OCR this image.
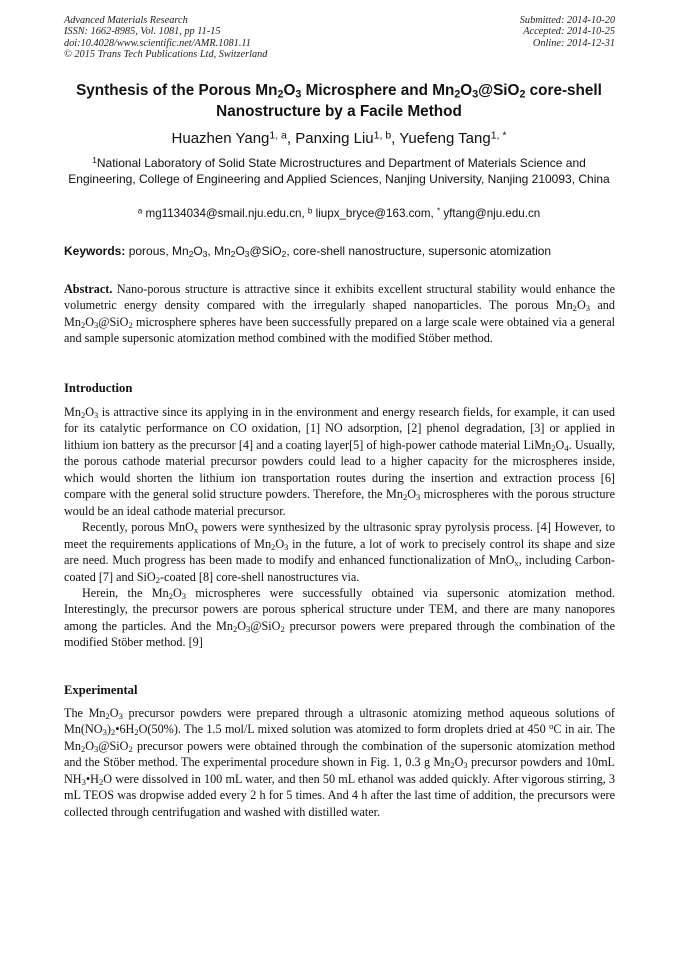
Advanced Materials Research
ISSN: 1662-8985, Vol. 1081, pp 11-15
doi:10.4028/www.scientific.net/AMR.1081.11
© 2015 Trans Tech Publications Ltd, Switzerland
Submitted: 2014-10-20
Accepted: 2014-10-25
Online: 2014-12-31
Synthesis of the Porous $Mn_2O_3$ Microsphere and $Mn_2O_3@SiO_2$ core-shell
Nanostructure by a Facile Method
Huazhen Yang$^{1, a}$, Panxing Liu$^{1, b}$, Yuefeng Tang$^{1, *}$
$^1$National Laboratory of Solid State Microstructures and Department of Materials Science and Engineering, College of Engineering and Applied Sciences, Nanjing University, Nanjing 210093, China
$^a$ mg1134034@smail.nju.edu.cn, $^b$ liupx_bryce@163.com, * yftang@nju.edu.cn
Keywords: porous, $Mn_2O_3$, $Mn_2O_3@SiO_2$, core-shell nanostructure, supersonic atomization

Abstract. Nano-porous structure is attractive since it exhibits excellent structural stability would enhance the volumetric energy density compared with the irregularly shaped nanoparticles. The porous $Mn_2O_3$ and $Mn_2O_3@SiO_2$ microsphere spheres have been successfully prepared on a large scale were obtained via a general and sample supersonic atomization method combined with the modified Stöber method.

Introduction

$Mn_2O_3$ is attractive since its applying in in the environment and energy research fields, for example, it can used for its catalytic performance on CO oxidation, [1] NO adsorption, [2] phenol degradation, [3] or applied in lithium ion battery as the precursor [4] and a coating layer[5] of high-power cathode material $LiMn_2O_4$. Usually, the porous cathode material precursor powders could lead to a higher capacity for the microspheres inside, which would shorten the lithium ion transportation routes during the insertion and extraction process [6] compare with the general solid structure powders. Therefore, the $Mn_2O_3$ microspheres with the porous structure would be an ideal cathode material precursor.

Recently, porous MnO$_x$ powers were synthesized by the ultrasonic spray pyrolysis process. [4] However, to meet the requirements applications of $Mn_2O_3$ in the future, a lot of work to precisely control its shape and size are need. Much progress has been made to modify and enhanced functionalization of MnO$_x$, including Carbon-coated [7] and SiO$_2$-coated [8] core-shell nanostructures via.

Herein, the $Mn_2O_3$ microspheres were successfully obtained via supersonic atomization method. Interestingly, the precursor powers are porous spherical structure under TEM, and there are many nanopores among the particles. And the $Mn_2O_3@SiO_2$ precursor powers were prepared through the combination of the modified Stöber method. [9]

Experimental

The $Mn_2O_3$ precursor powders were prepared through a ultrasonic atomizing method aqueous solutions of $Mn(NO_3)_2•6H_2O(50\%)$. The 1.5 mol/L mixed solution was atomized to form droplets dried at 450 $^o$C in air. The $Mn_2O_3@SiO_2$ precursor powers were obtained through the combination of the supersonic atomization method and the Stöber method. The experimental procedure shown in Fig. 1, 0.3 g $Mn_2O_3$ precursor powders and 10mL $NH_3•H_2O$ were dissolved in 100 mL water, and then 50 mL ethanol was added quickly. After vigorous stirring, 3 mL TEOS was dropwise added every 2 h for 5 times. And 4 h after the last time of addition, the precursors were collected through centrifugation and washed with distilled water.
